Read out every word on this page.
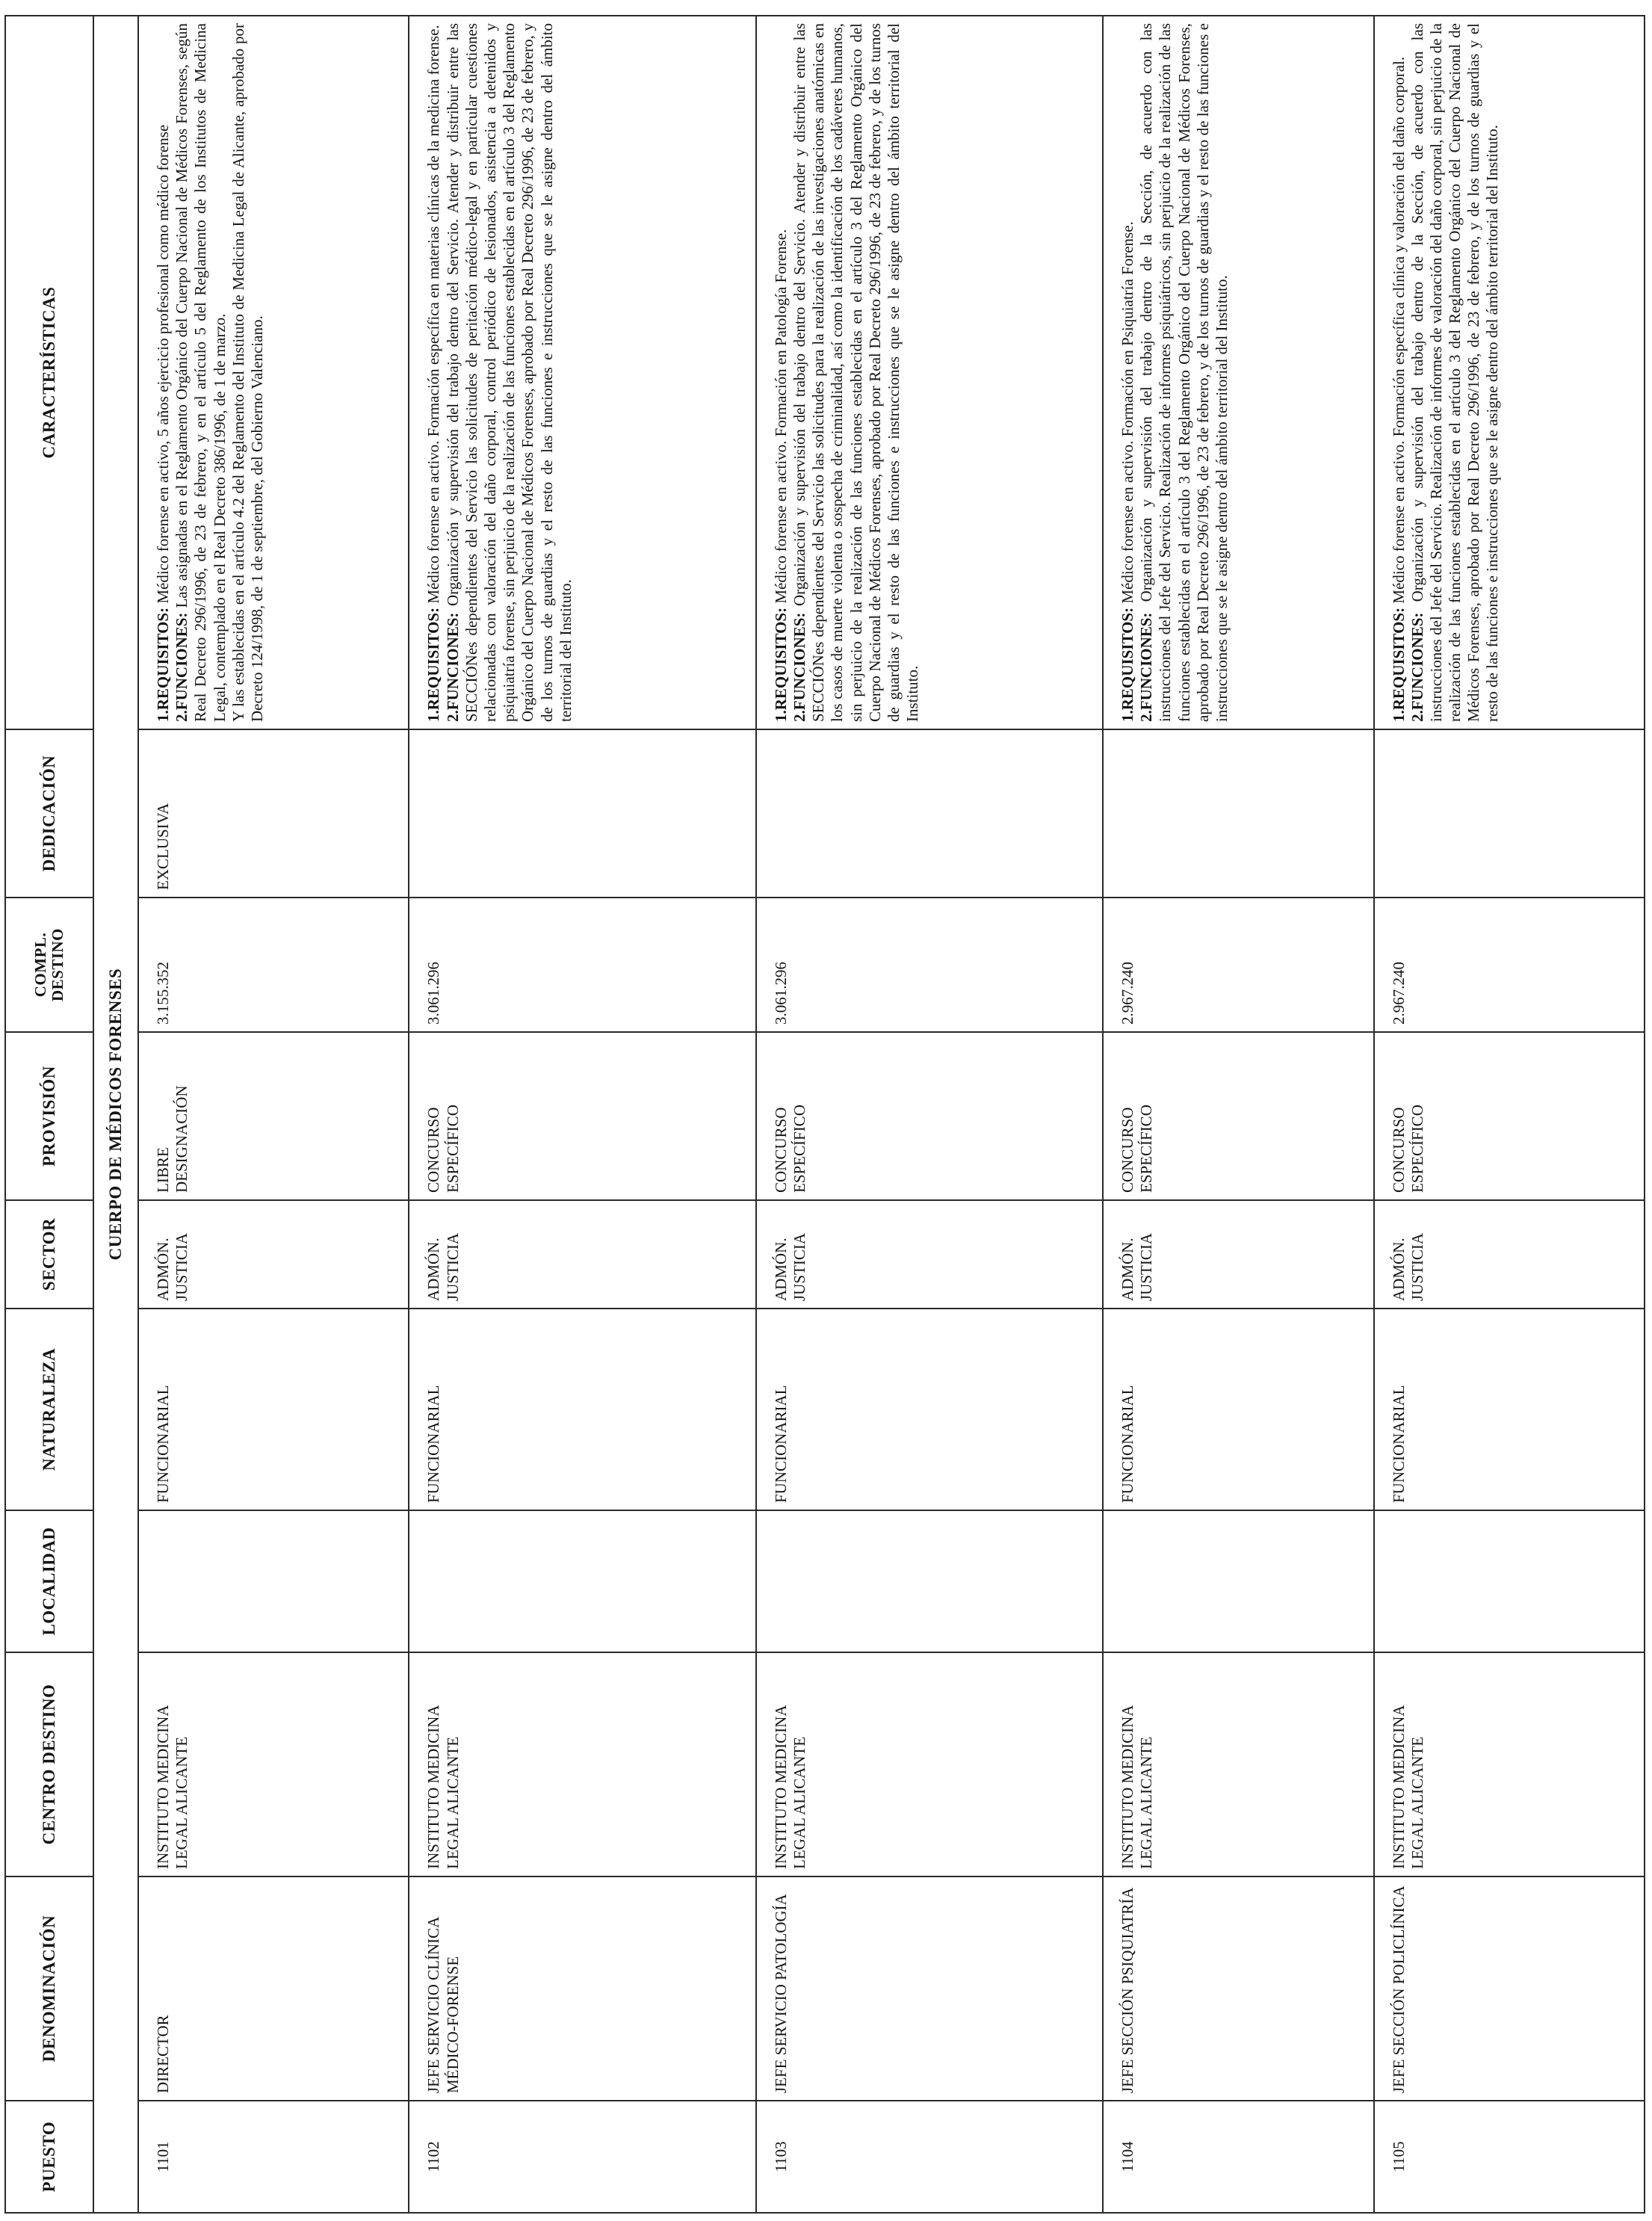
PUESTO	DENOMINACIÓN	CENTRO DESTINO	LOCALIDAD	NATURALEZA	SECTOR	PROVISIÓN	COMPL. DESTINO	DEDICACIÓN	CARACTERÍSTICAS
CUERPO DE MÉDICOS FORENSES									
1101	DIRECTOR	INSTITUTO MEDICINA LEGAL ALICANTE		FUNCIONARIAL	ADMÓN. JUSTICIA	LIBRE DESIGNACIÓN	3.155.352	EXCLUSIVA	1.REQUISITOS: Médico forense en activo, 5 años ejercicio profesional como médico forense
2.FUNCIONES: Las asignadas en el Reglamento Orgánico del Cuerpo Nacional de Médicos Forenses, según Real Decreto 296/1996, de 23 de febrero, y en el artículo 5 del Reglamento de los Institutos de Medicina Legal, contemplado en el Real Decreto 386/1996, de 1 de marzo. Y las establecidas en el artículo 4.2 del Reglamento del Instituto de Medicina Legal de Alicante, aprobado por Decreto 124/1998, de 1 de septiembre, del Gobierno Valenciano.

1102	JEFE SERVICIO CLÍNICA MÉDICO-FORENSE	INSTITUTO MEDICINA LEGAL ALICANTE		FUNCIONARIAL	ADMÓN. JUSTICIA	CONCURSO ESPECÍFICO	3.061.296		1.REQUISITOS: Médico forense en activo. Formación específica en materias clínicas de la medicina forense.
2.FUNCIONES: Organización y supervisión del trabajo dentro del Servicio. Atender y distribuir entre las SECCIÓNes dependientes del Servicio las solicitudes de peritación médico-legal y en particular cuestiones relacionadas con valoración del daño corporal, control periódico de lesionados, asistencia a detenidos y psiquiatría forense, sin perjuicio de la realización de las funciones establecidas en el artículo 3 del Reglamento Orgánico del Cuerpo Nacional de Médicos Forenses, aprobado por Real Decreto 296/1996, de 23 de febrero, y de los turnos de guardias y el resto de las funciones e instrucciones que se le asigne dentro del ámbito territorial del Instituto.

1103	JEFE SERVICIO PATOLOGÍA	INSTITUTO MEDICINA LEGAL ALICANTE		FUNCIONARIAL	ADMÓN. JUSTICIA	CONCURSO ESPECÍFICO	3.061.296		1.REQUISITOS: Médico forense en activo. Formación en Patología Forense.
2.FUNCIONES: Organización y supervisión del trabajo dentro del Servicio. Atender y distribuir entre las SECCIÓNes dependientes del Servicio las solicitudes para la realización de las investigaciones anatómicas en los casos de muerte violenta o sospecha de criminalidad, así como la identificación de los cadáveres humanos, sin perjuicio de la realización de las funciones establecidas en el artículo 3 del Reglamento Orgánico del Cuerpo Nacional de Médicos Forenses, aprobado por Real Decreto 296/1996, de 23 de febrero, y de los turnos de guardias y el resto de las funciones e instrucciones que se le asigne dentro del ámbito territorial del Instituto.

1104	JEFE SECCIÓN PSIQUIATRÍA	INSTITUTO MEDICINA LEGAL ALICANTE		FUNCIONARIAL	ADMÓN. JUSTICIA	CONCURSO ESPECÍFICO	2.967.240		1.REQUISITOS: Médico forense en activo. Formación en Psiquiatría Forense.
2.FUNCIONES: Organización y supervisión del trabajo dentro de la Sección, de acuerdo con las instrucciones del Jefe del Servicio. Realización de informes psiquiátricos, sin perjuicio de la realización de las funciones establecidas en el artículo 3 del Reglamento Orgánico del Cuerpo Nacional de Médicos Forenses, aprobado por Real Decreto 296/1996, de 23 de febrero, y de los turnos de guardias y el resto de las funciones e instrucciones que se le asigne dentro del ámbito territorial del Instituto.

1105	JEFE SECCIÓN POLICLÍNICA	INSTITUTO MEDICINA LEGAL ALICANTE		FUNCIONARIAL	ADMÓN. JUSTICIA	CONCURSO ESPECÍFICO	2.967.240		1.REQUISITOS: Médico forense en activo. Formación específica clínica y valoración del daño corporal.
2.FUNCIONES: Organización y supervisión del trabajo dentro de la Sección, de acuerdo con las instrucciones del Jefe del Servicio. Realización de informes de valoración del daño corporal, sin perjuicio de la realización de las funciones establecidas en el artículo 3 del Reglamento Orgánico del Cuerpo Nacional de Médicos Forenses, aprobado por Real Decreto 296/1996, de 23 de febrero, y de los turnos de guardias y el resto de las funciones e instrucciones que se le asigne dentro del ámbito territorial del Instituto.
